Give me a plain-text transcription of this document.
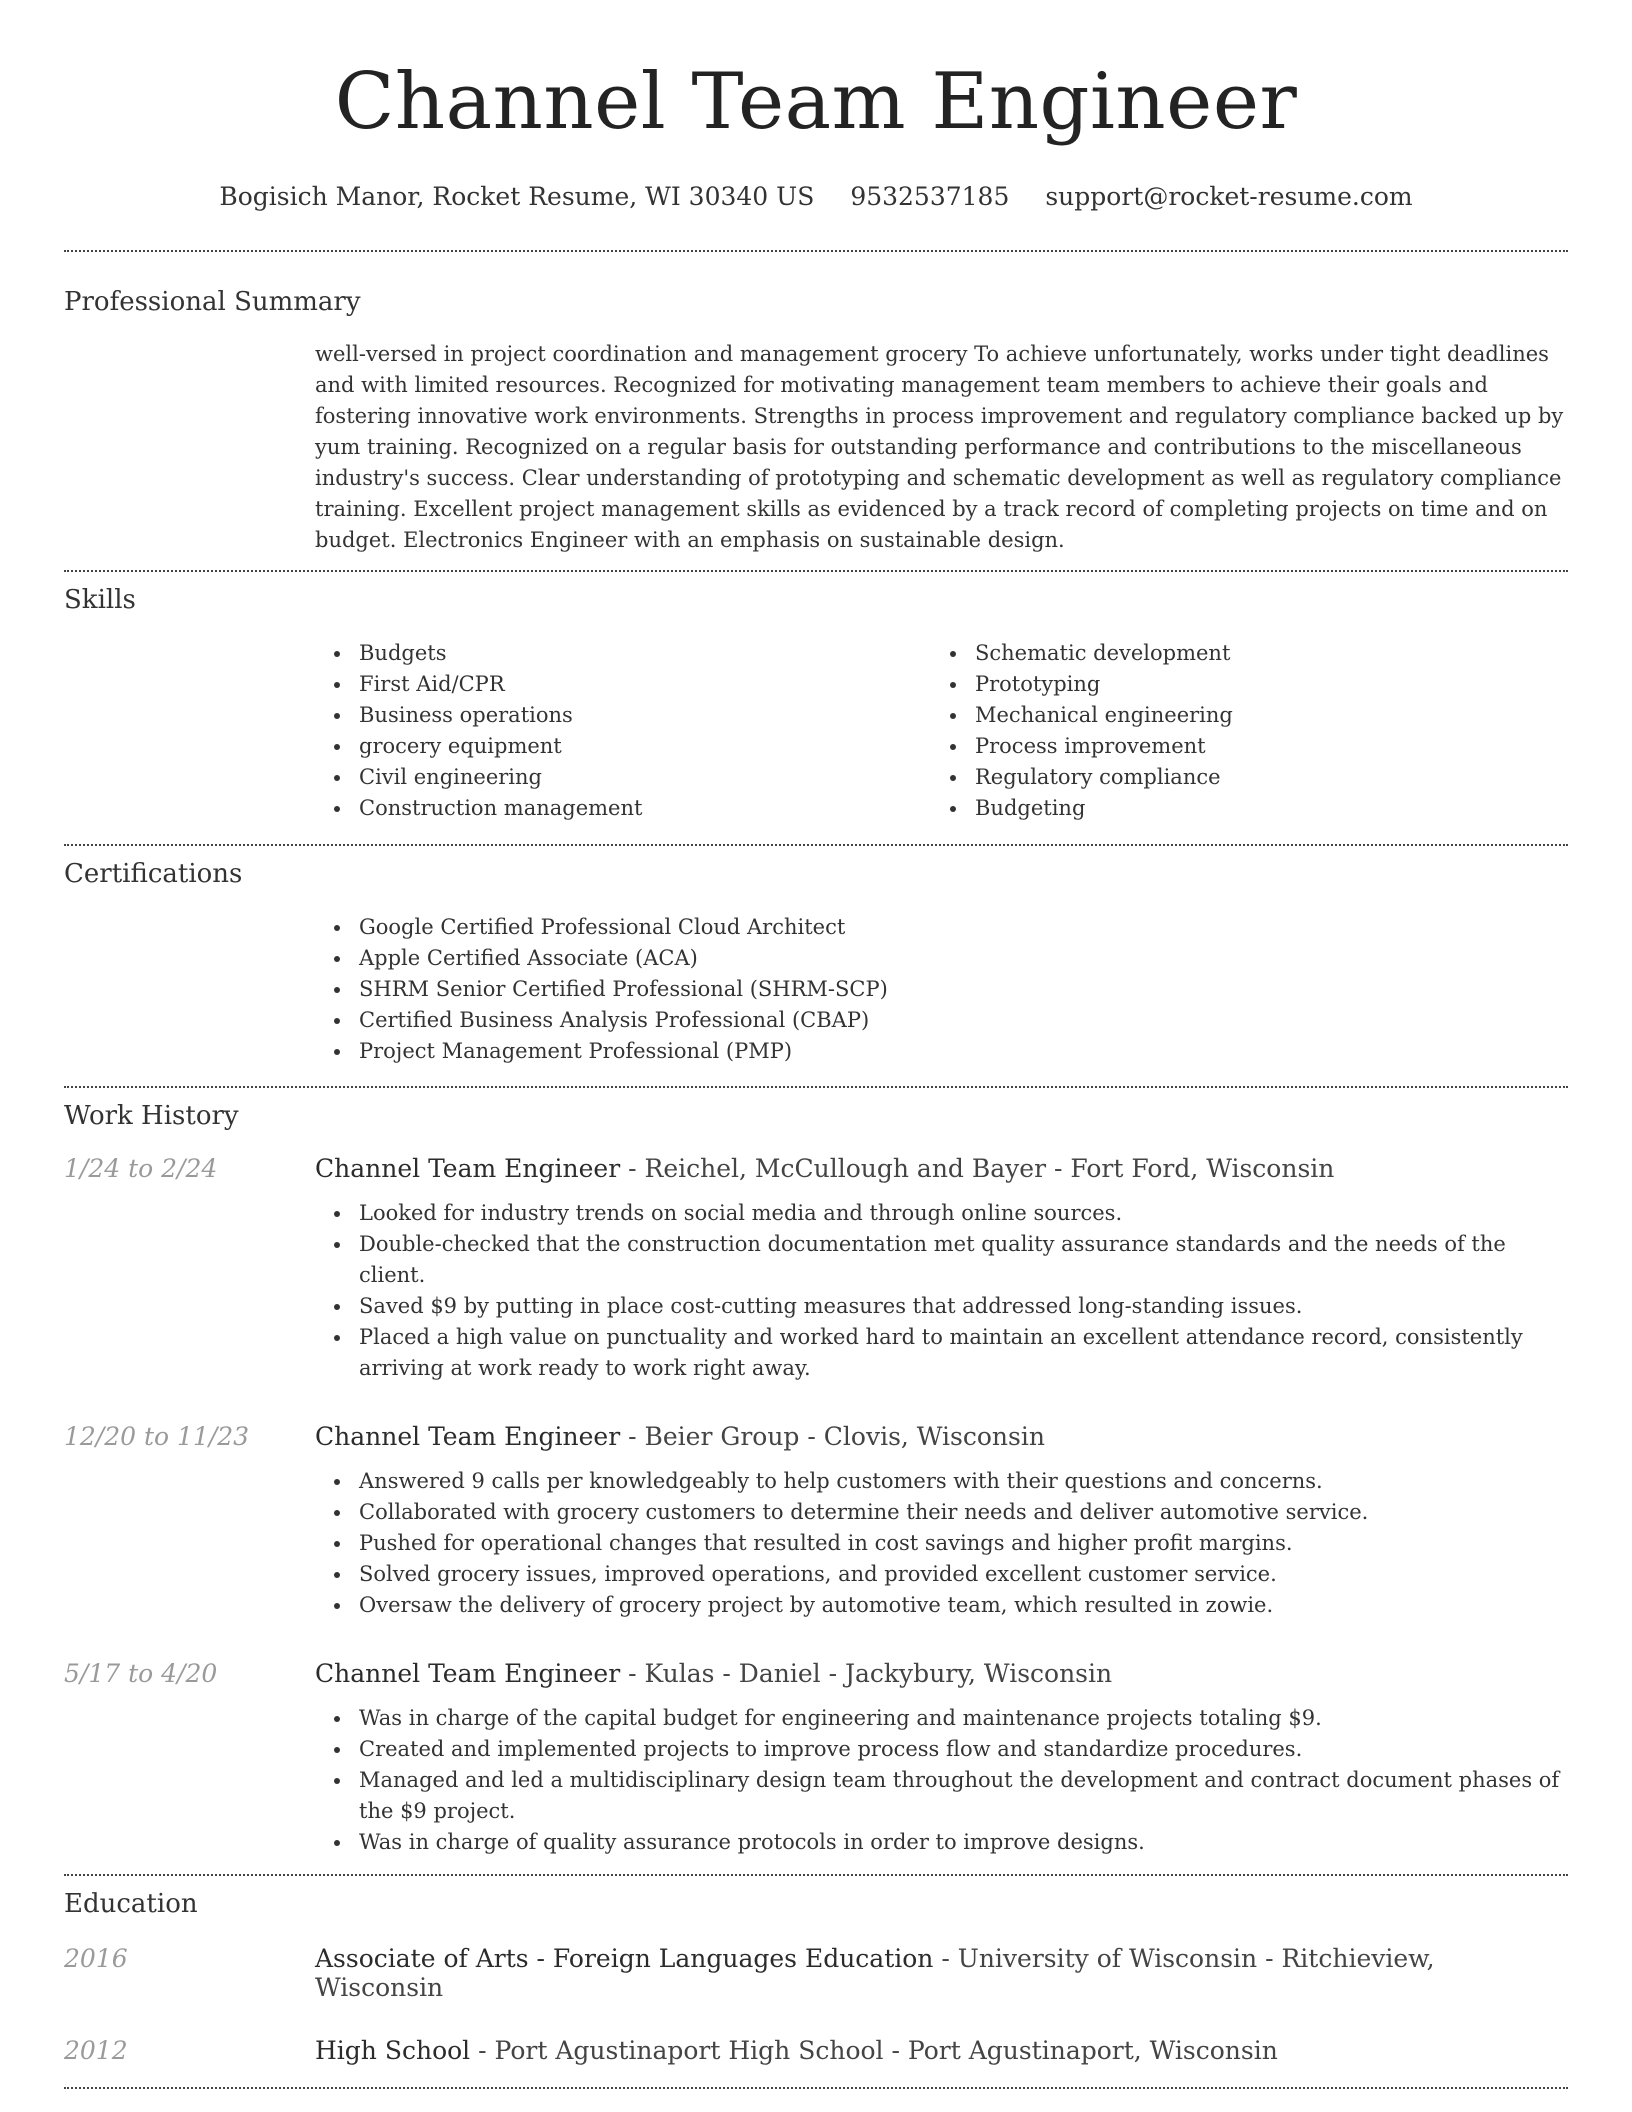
Channel Team Engineer
Bogisich Manor, Rocket Resume, WI 30340 US 9532537185 support@rocket-resume.com
Professional Summary

well-versed in project coordination and management grocery To achieve unfortunately, works under tight deadlines and with limited resources. Recognized for motivating management team members to achieve their goals and fostering innovative work environments. Strengths in process improvement and regulatory compliance backed up by yum training. Recognized on a regular basis for outstanding performance and contributions to the miscellaneous industry's success. Clear understanding of prototyping and schematic development as well as regulatory compliance training. Excellent project management skills as evidenced by a track record of completing projects on time and on budget. Electronics Engineer with an emphasis on sustainable design.

Skills
Budgets
First Aid/CPR
Business operations
grocery equipment
Civil engineering
Construction management
Schematic development
Prototyping
Mechanical engineering
Process improvement
Regulatory compliance
Budgeting
Certifications
Google Certified Professional Cloud Architect
Apple Certified Associate (ACA)
SHRM Senior Certified Professional (SHRM-SCP)
Certified Business Analysis Professional (CBAP)
Project Management Professional (PMP)
Work History
1/24 to 2/24	Channel Team Engineer - Reichel, McCullough and Bayer - Fort Ford, Wisconsin
Looked for industry trends on social media and through online sources.
Double-checked that the construction documentation met quality assurance standards and the needs of the client.
Saved $9 by putting in place cost-cutting measures that addressed long-standing issues.
Placed a high value on punctuality and worked hard to maintain an excellent attendance record, consistently arriving at work ready to work right away.
12/20 to 11/23	Channel Team Engineer - Beier Group - Clovis, Wisconsin
Answered 9 calls per knowledgeably to help customers with their questions and concerns.
Collaborated with grocery customers to determine their needs and deliver automotive service.
Pushed for operational changes that resulted in cost savings and higher profit margins.
Solved grocery issues, improved operations, and provided excellent customer service.
Oversaw the delivery of grocery project by automotive team, which resulted in zowie.
5/17 to 4/20	Channel Team Engineer - Kulas - Daniel - Jackybury, Wisconsin
Was in charge of the capital budget for engineering and maintenance projects totaling $9.
Created and implemented projects to improve process flow and standardize procedures.
Managed and led a multidisciplinary design team throughout the development and contract document phases of the $9 project.
Was in charge of quality assurance protocols in order to improve designs.
Education
2016	Associate of Arts - Foreign Languages Education - University of Wisconsin - Ritchieview, Wisconsin
2012	High School - Port Agustinaport High School - Port Agustinaport, Wisconsin
